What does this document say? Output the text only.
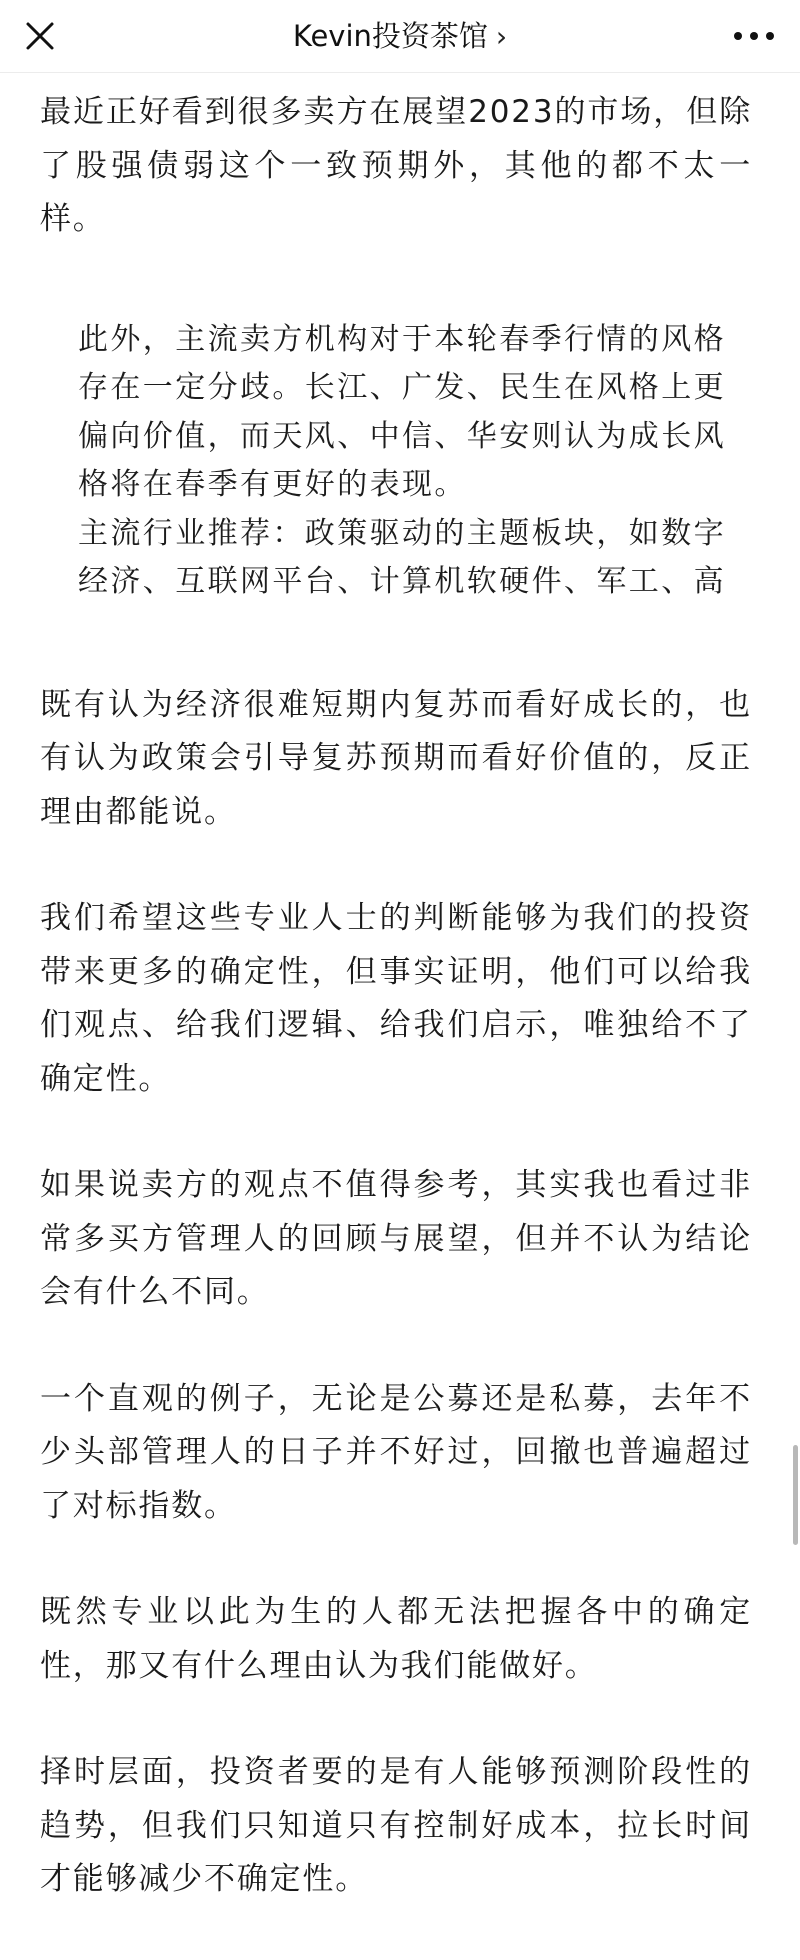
Kevin投资茶馆 ›

最近正好看到很多卖方在展望2023的市场，但除了股强债弱这个一致预期外，其他的都不太一样。

此外，主流卖方机构对于本轮春季行情的风格存在一定分歧。长江、广发、民生在风格上更偏向价值，而天风、中信、华安则认为成长风格将在春季有更好的表现。

主流行业推荐：政策驱动的主题板块，如数字经济、互联网平台、计算机软硬件、军工、高

既有认为经济很难短期内复苏而看好成长的，也有认为政策会引导复苏预期而看好价值的，反正理由都能说。

我们希望这些专业人士的判断能够为我们的投资带来更多的确定性，但事实证明，他们可以给我们观点、给我们逻辑、给我们启示，唯独给不了确定性。

如果说卖方的观点不值得参考，其实我也看过非常多买方管理人的回顾与展望，但并不认为结论会有什么不同。

一个直观的例子，无论是公募还是私募，去年不少头部管理人的日子并不好过，回撤也普遍超过了对标指数。

既然专业以此为生的人都无法把握各中的确定性，那又有什么理由认为我们能做好。

择时层面，投资者要的是有人能够预测阶段性的趋势，但我们只知道只有控制好成本，拉长时间才能够减少不确定性。
